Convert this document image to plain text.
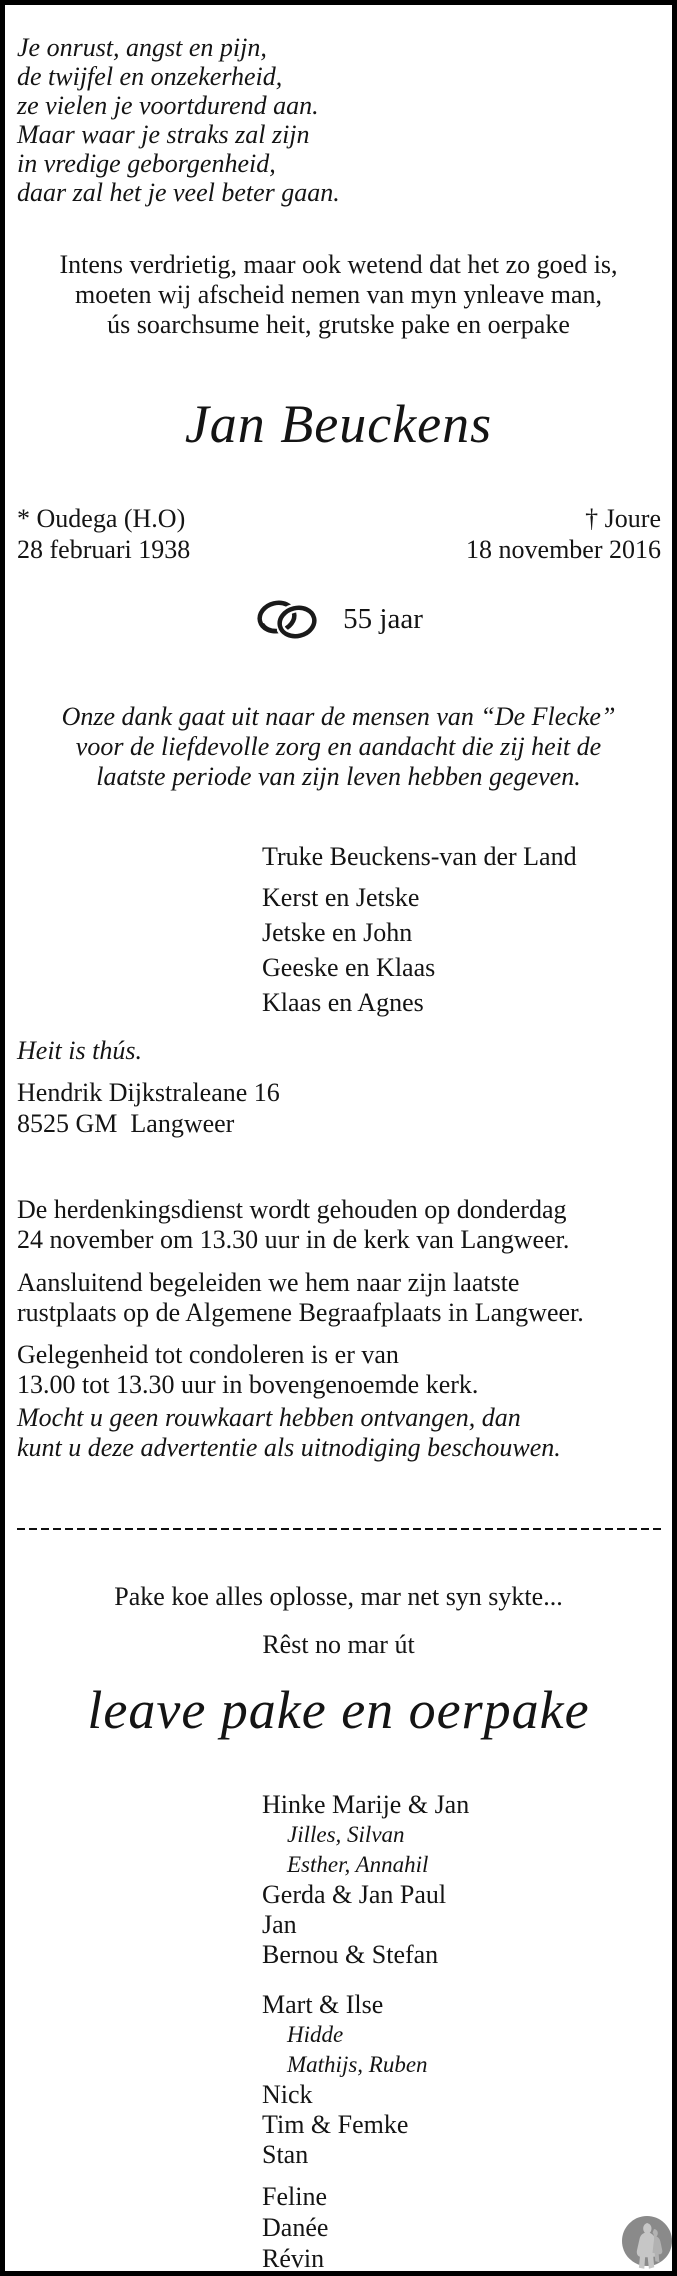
Je onrust, angst en pijn,
de twijfel en onzekerheid,
ze vielen je voortdurend aan.
Maar waar je straks zal zijn
in vredige geborgenheid,
daar zal het je veel beter gaan.
Intens verdrietig, maar ook wetend dat het zo goed is,
moeten wij afscheid nemen van myn ynleave man,
ús soarchsume heit, grutske pake en oerpake
Jan Beuckens
* Oudega (H.O)
28 februari 1938
† Joure
18 november 2016
55 jaar
Onze dank gaat uit naar de mensen van “De Flecke”
voor de liefdevolle zorg en aandacht die zij heit de
laatste periode van zijn leven hebben gegeven.
Truke Beuckens-van der Land
Kerst en Jetske
Jetske en John
Geeske en Klaas
Klaas en Agnes
Heit is thús.
Hendrik Dijkstraleane 16
8525 GM  Langweer
De herdenkingsdienst wordt gehouden op donderdag
24 november om 13.30 uur in de kerk van Langweer.
Aansluitend begeleiden we hem naar zijn laatste
rustplaats op de Algemene Begraafplaats in Langweer.
Gelegenheid tot condoleren is er van
13.00 tot 13.30 uur in bovengenoemde kerk.
Mocht u geen rouwkaart hebben ontvangen, dan
kunt u deze advertentie als uitnodiging beschouwen.
Pake koe alles oplosse, mar net syn sykte...
Rêst no mar út
leave pake en oerpake
Hinke Marije & Jan
Jilles, Silvan
Esther, Annahil
Gerda & Jan Paul
Jan
Bernou & Stefan
Mart & Ilse
Hidde
Mathijs, Ruben
Nick
Tim & Femke
Stan
Feline
Danée
Révin
